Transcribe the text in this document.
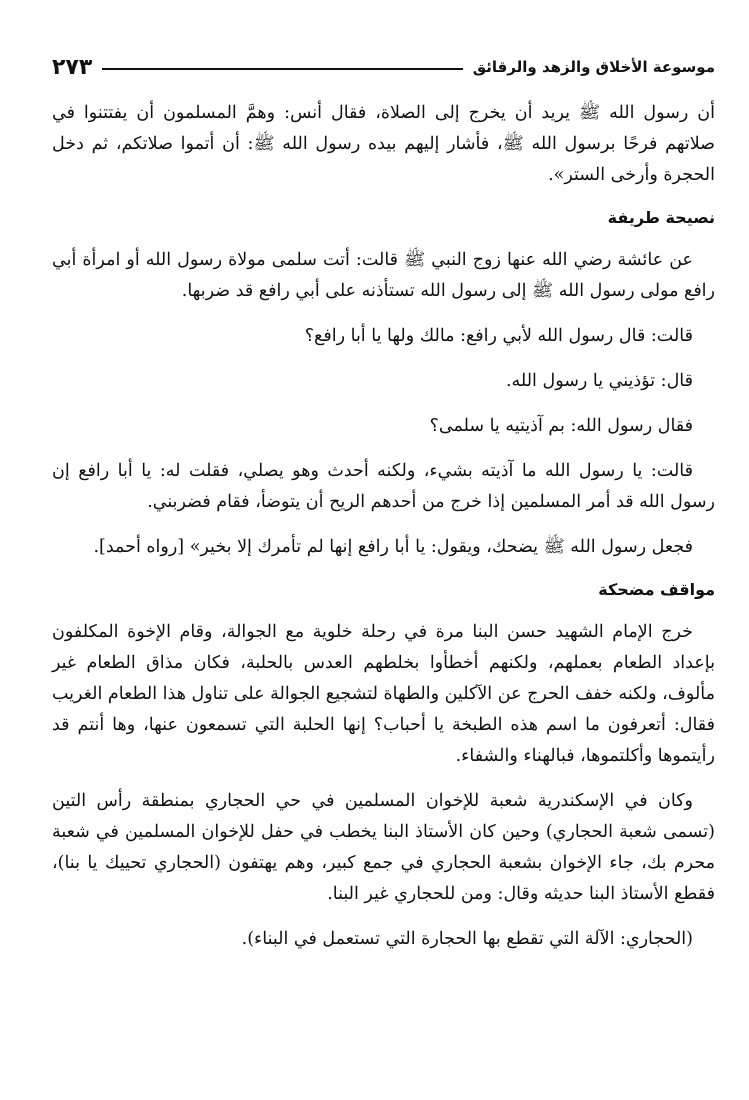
موسوعة الأخلاق والزهد والرقائق
٢٧٣

أن رسول الله ﷺ يريد أن يخرج إلى الصلاة، فقال أنس: وهمَّ المسلمون أن يفتتنوا في صلاتهم فرحًا برسول الله ﷺ، فأشار إليهم بيده رسول الله ﷺ: أن أتموا صلاتكم، ثم دخل الحجرة وأرخى الستر».

نصيحة طريفة

عن عائشة رضي الله عنها زوج النبي ﷺ قالت: أتت سلمى مولاة رسول الله أو امرأة أبي رافع مولى رسول الله ﷺ إلى رسول الله تستأذنه على أبي رافع قد ضربها.

قالت: قال رسول الله لأبي رافع: مالك ولها يا أبا رافع؟

قال: تؤذيني يا رسول الله.

فقال رسول الله: بم آذيتيه يا سلمى؟

قالت: يا رسول الله ما آذيته بشيء، ولكنه أحدث وهو يصلي، فقلت له: يا أبا رافع إن رسول الله قد أمر المسلمين إذا خرج من أحدهم الريح أن يتوضأ، فقام فضربني.

فجعل رسول الله ﷺ يضحك، ويقول: يا أبا رافع إنها لم تأمرك إلا بخير» [رواه أحمد].

مواقف مضحكة

خرج الإمام الشهيد حسن البنا مرة في رحلة خلوية مع الجوالة، وقام الإخوة المكلفون بإعداد الطعام بعملهم، ولكنهم أخطأوا بخلطهم العدس بالحلبة، فكان مذاق الطعام غير مألوف، ولكنه خفف الحرج عن الآكلين والطهاة لتشجيع الجوالة على تناول هذا الطعام الغريب فقال: أتعرفون ما اسم هذه الطبخة يا أحباب؟ إنها الحلبة التي تسمعون عنها، وها أنتم قد رأيتموها وأكلتموها، فبالهناء والشفاء.

وكان في الإسكندرية شعبة للإخوان المسلمين في حي الحجاري بمنطقة رأس التين (تسمى شعبة الحجاري) وحين كان الأستاذ البنا يخطب في حفل للإخوان المسلمين في شعبة محرم بك، جاء الإخوان بشعبة الحجاري في جمع كبير، وهم يهتفون (الحجاري تحييك يا بنا)، فقطع الأستاذ البنا حديثه وقال: ومن للحجاري غير البنا.

(الحجاري: الآلة التي تقطع بها الحجارة التي تستعمل في البناء).
